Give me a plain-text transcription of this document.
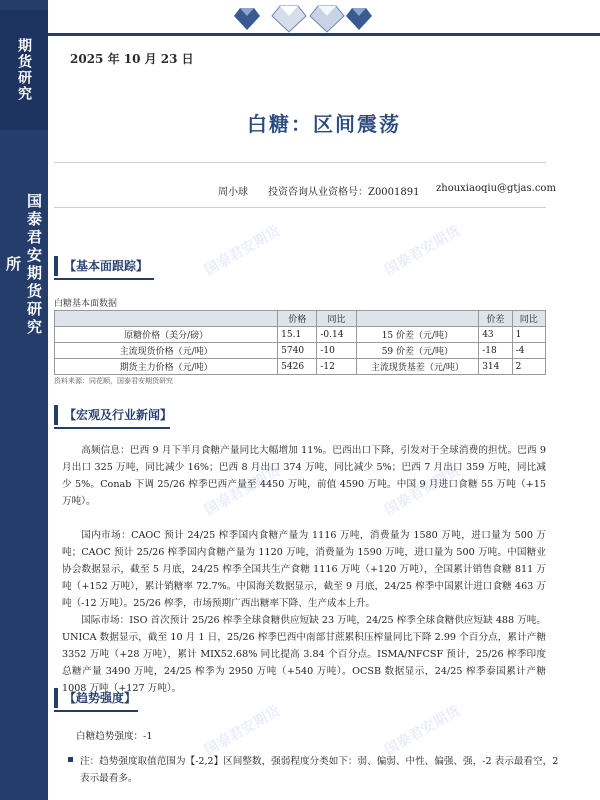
期货研究
国泰君安期货研究所
2025 年 10 月 23 日
白糖：区间震荡
周小球 投资咨询从业资格号：Z0001891 zhouxiaoqiu@gtjas.com
【基本面跟踪】
白糖基本面数据
	价格	同比		价差	同比
原糖价格（美分/磅）	15.1	-0.14	15 价差（元/吨）	43	1
主流现货价格（元/吨）	5740	-10	59 价差（元/吨）	-18	-4
期货主力价格（元/吨）	5426	-12	主流现货基差（元/吨）	314	2
资料来源：同花顺，国泰君安期货研究
【宏观及行业新闻】
高频信息：巴西 9 月下半月食糖产量同比大幅增加 11%。巴西出口下降，引发对于全球消费的担忧。巴西 9 月出口 325 万吨，同比减少 16%；巴西 8 月出口 374 万吨，同比减少 5%；巴西 7 月出口 359 万吨，同比减少 5%。Conab 下调 25/26 榨季巴西产量至 4450 万吨，前值 4590 万吨。中国 9 月进口食糖 55 万吨（+15 万吨）。
国内市场：CAOC 预计 24/25 榨季国内食糖产量为 1116 万吨，消费量为 1580 万吨，进口量为 500 万吨；CAOC 预计 25/26 榨季国内食糖产量为 1120 万吨，消费量为 1590 万吨，进口量为 500 万吨。中国糖业协会数据显示，截至 5 月底，24/25 榨季全国共生产食糖 1116 万吨（+120 万吨），全国累计销售食糖 811 万吨（+152 万吨），累计销糖率 72.7%。中国海关数据显示，截至 9 月底，24/25 榨季中国累计进口食糖 463 万吨（-12 万吨）。25/26 榨季，市场预期广西出糖率下降、生产成本上升。
国际市场：ISO 首次预计 25/26 榨季全球食糖供应短缺 23 万吨，24/25 榨季全球食糖供应短缺 488 万吨。UNICA 数据显示，截至 10 月 1 日，25/26 榨季巴西中南部甘蔗累积压榨量同比下降 2.99 个百分点，累计产糖 3352 万吨（+28 万吨），累计 MIX52.68% 同比提高 3.84 个百分点。ISMA/NFCSF 预计，25/26 榨季印度总糖产量 3490 万吨，24/25 榨季为 2950 万吨（+540 万吨）。OCSB 数据显示，24/25 榨季泰国累计产糖 1008 万吨（+127 万吨）。
【趋势强度】
白糖趋势强度：-1
注：趋势强度取值范围为【-2,2】区间整数，强弱程度分类如下：弱、偏弱、中性、偏强、强，-2 表示最看空，2 表示最看多。
国泰君安期货	国泰君安期货
国泰君安期货	国泰君安期货
国泰君安期货	国泰君安期货
